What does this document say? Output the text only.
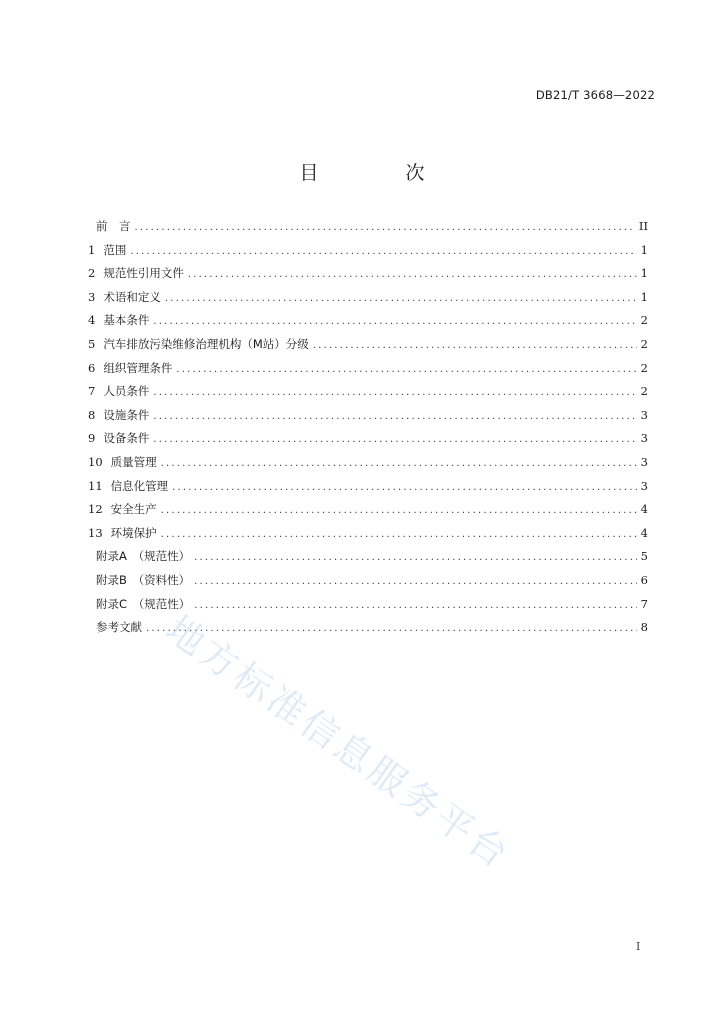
DB21/T 3668—2022
目　次
前　言 .....	II
1 范围 .....	1
2 规范性引用文件 .....	1
3 术语和定义 .....	1
4 基本条件 .....	2
5 汽车排放污染维修治理机构（M站）分级 .....	2
6 组织管理条件 .....	2
7 人员条件 .....	2
8 设施条件 .....	3
9 设备条件 .....	3
10 质量管理 .....	3
11 信息化管理 .....	3
12 安全生产 .....	4
13 环境保护 .....	4
附录A　（规范性） .....	5
附录B　（资料性） .....	6
附录C　（规范性） .....	7
参考文献 .....	8
地方标准信息服务平台
I
